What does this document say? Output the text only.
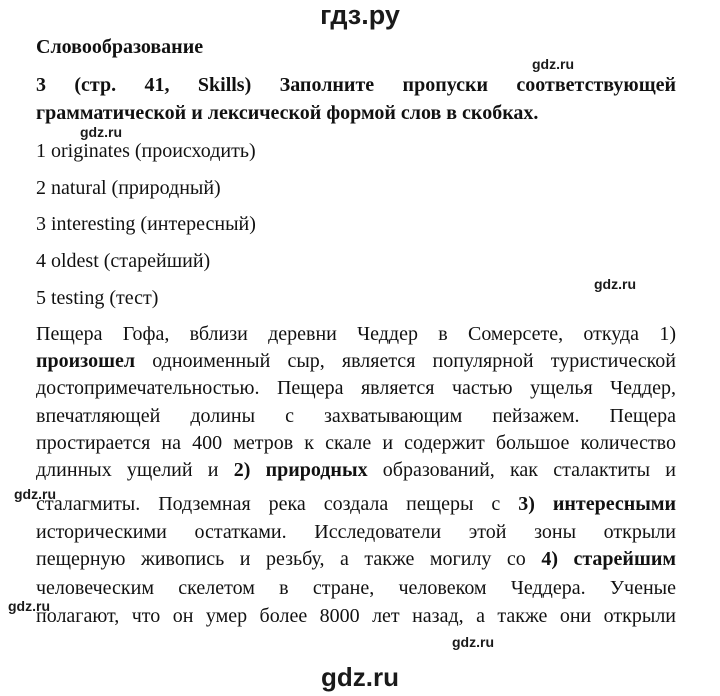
гдз.ру
Словообразование
gdz.ru
3 (стр. 41, Skills) Заполните пропуски соответствующей
грамматической и лексической формой слов в скобках.
gdz.ru
1 originates (происходить)
2 natural (природный)
3 interesting (интересный)
4 oldest (старейший)
gdz.ru
5 testing (тест)
Пещера Гофа, вблизи деревни Чеддер в Сомерсете, откуда 1)
произошел одноименный сыр, является популярной туристической
достопримечательностью. Пещера является частью ущелья Чеддер,
впечатляющей долины с захватывающим пейзажем. Пещера
простирается на 400 метров к скале и содержит большое количество
длинных ущелий и 2) природных образований, как сталактиты и
gdz.ru
сталагмиты. Подземная река создала пещеры с 3) интересными
историческими остатками. Исследователи этой зоны открыли
пещерную живопись и резьбу, а также могилу со 4) старейшим
человеческим скелетом в стране, человеком Чеддера. Ученые
gdz.ru
полагают, что он умер более 8000 лет назад, а также они открыли
gdz.ru
gdz.ru
